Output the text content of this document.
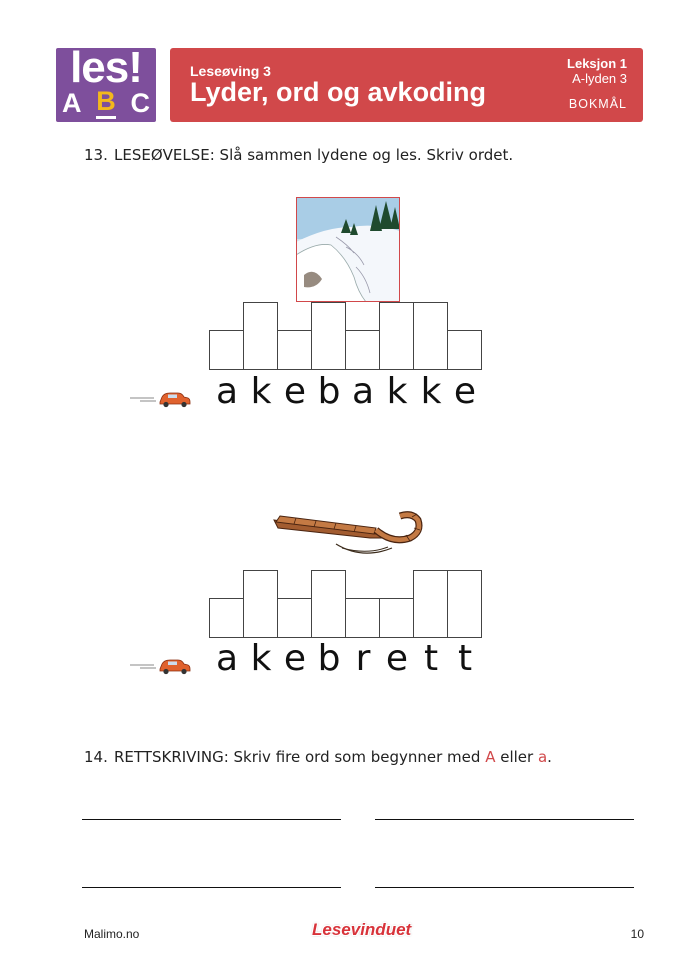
les!
A B C
Leseøving 3
Lyder, ord og avkoding
Leksjon 1
A-lyden 3
BOKMÅL
13. LESEØVELSE: Slå sammen lydene og les. Skriv ordet.
a k e b a k k e
a k e b r e t t
14. RETTSKRIVING: Skriv fire ord som begynner med A eller a.
Malimo.no	Lesevinduet	10
